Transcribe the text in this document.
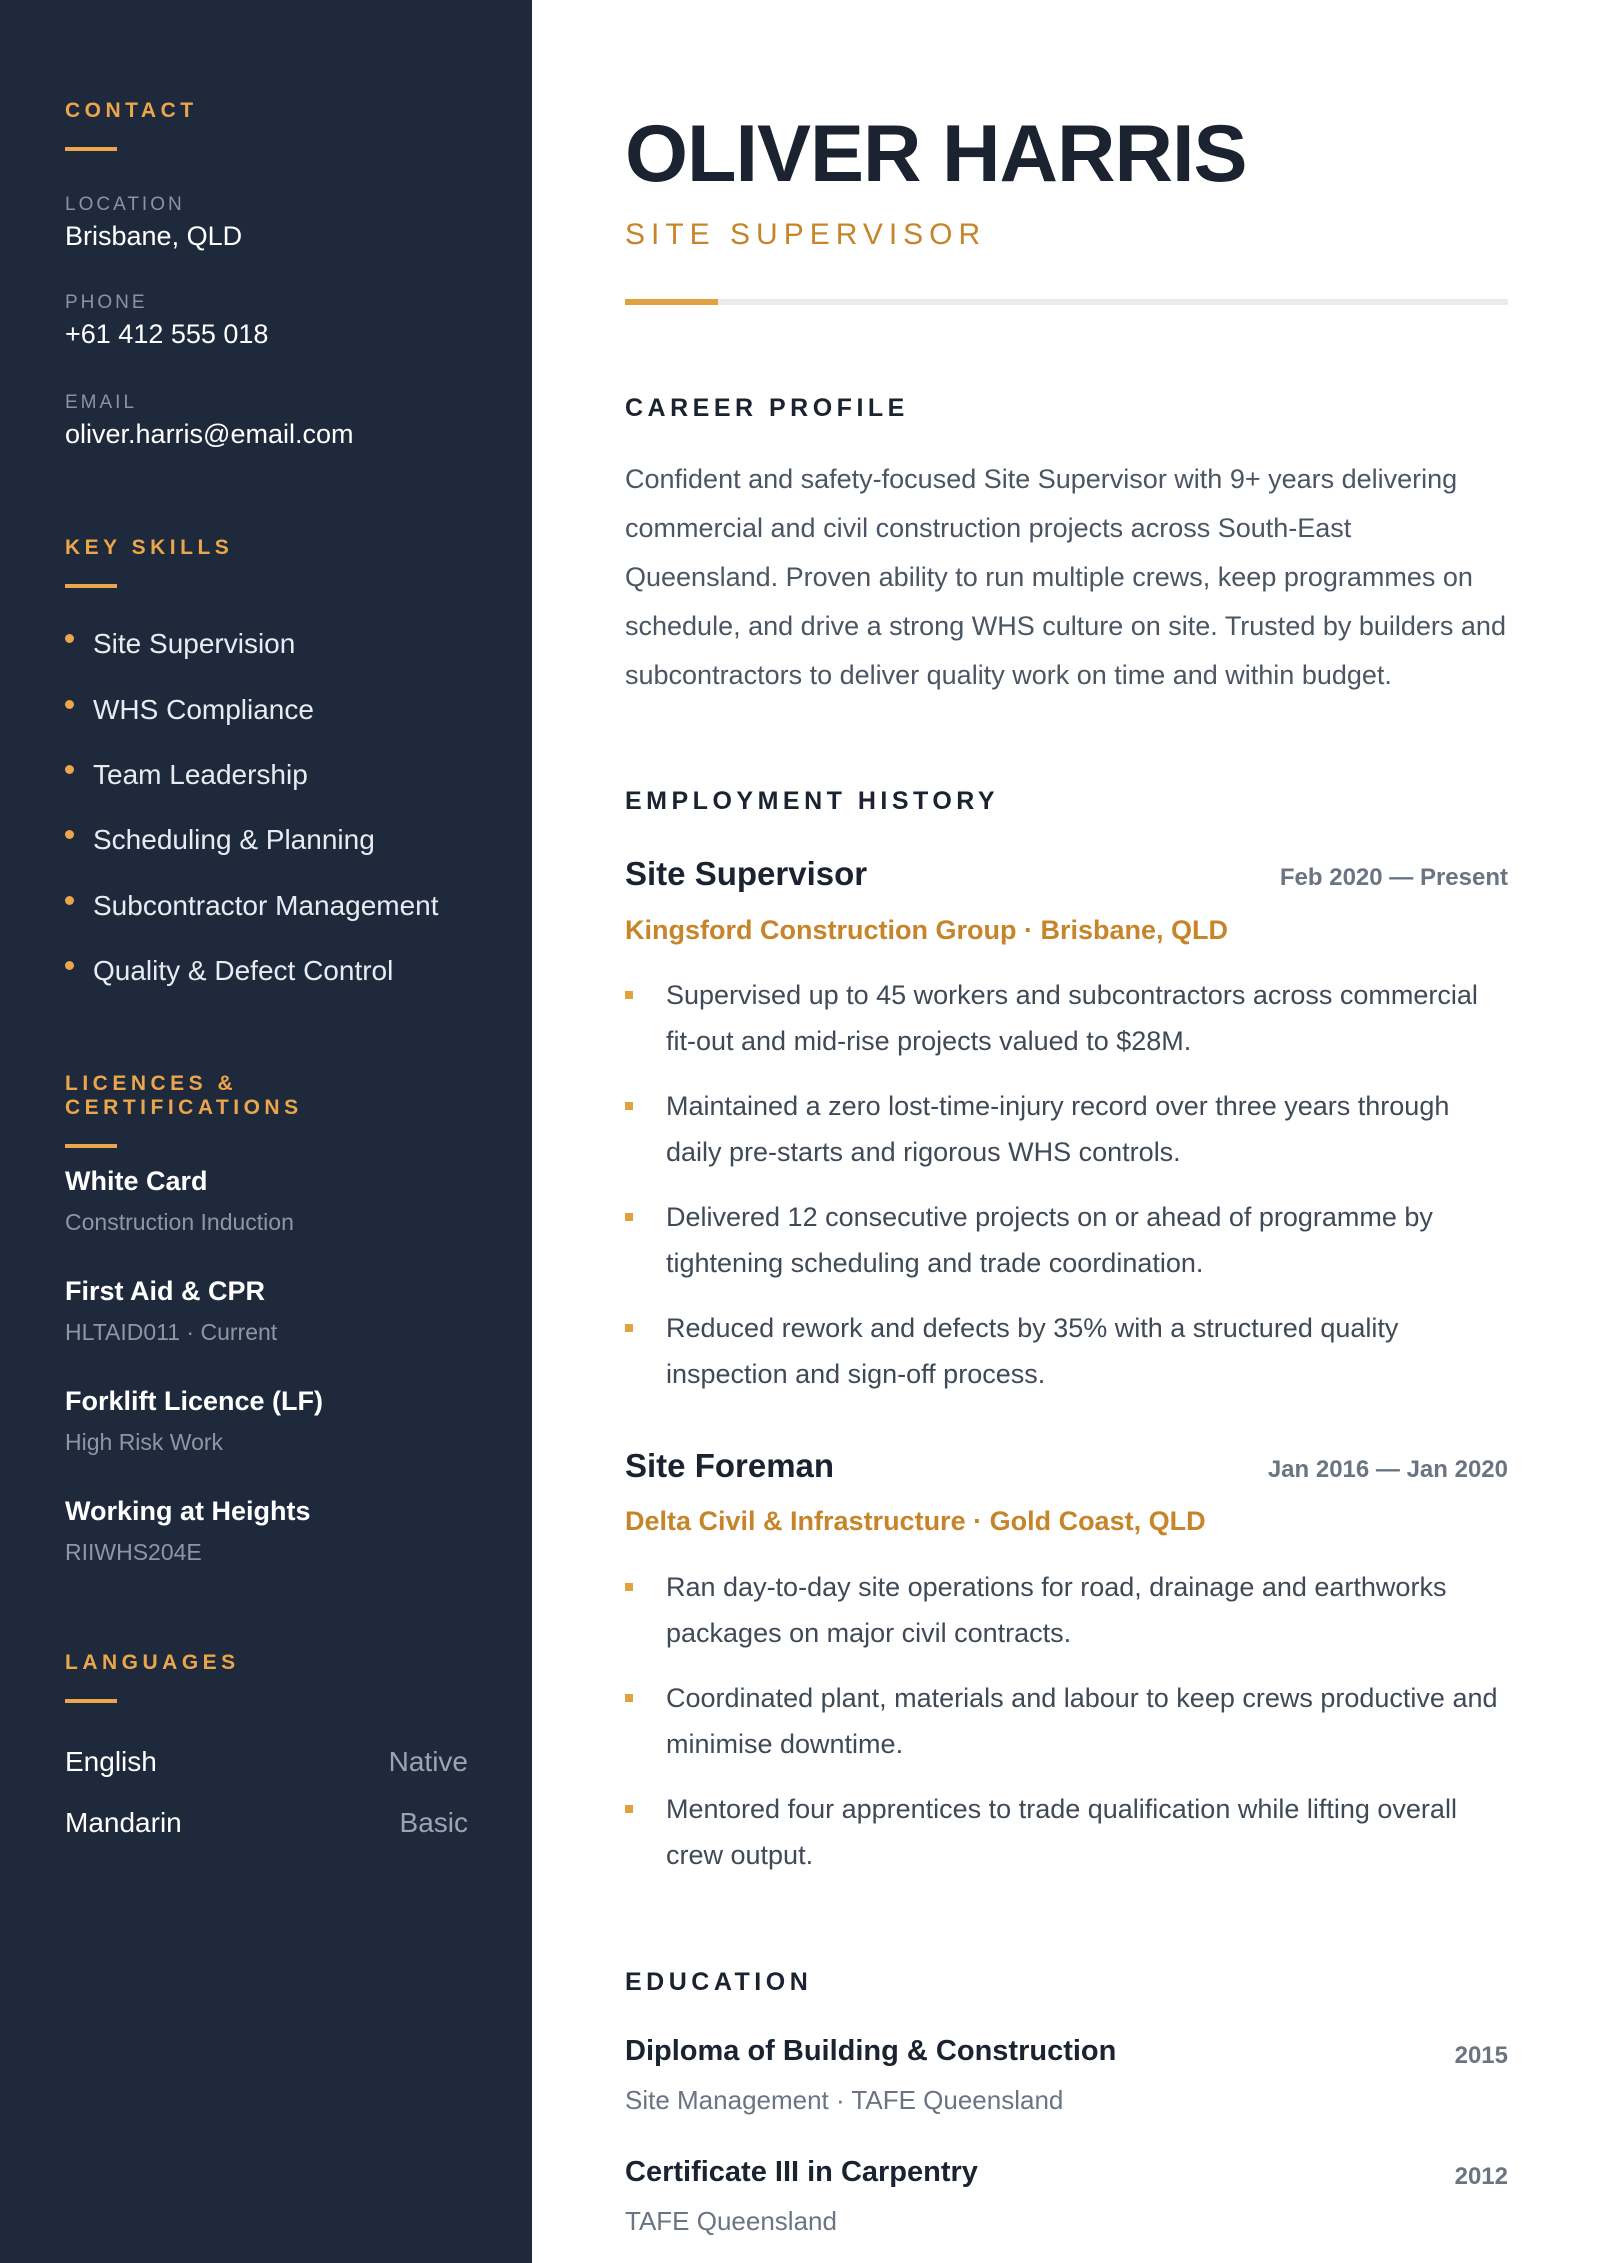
CONTACT
LOCATION
Brisbane, QLD
PHONE
+61 412 555 018
EMAIL
oliver.harris@email.com
KEY SKILLS
Site Supervision
WHS Compliance
Team Leadership
Scheduling & Planning
Subcontractor Management
Quality & Defect Control
LICENCES & CERTIFICATIONS
White Card
Construction Induction
First Aid & CPR
HLTAID011 · Current
Forklift Licence (LF)
High Risk Work
Working at Heights
RIIWHS204E
LANGUAGES
English	Native
Mandarin	Basic
OLIVER HARRIS
SITE SUPERVISOR
CAREER PROFILE

Confident and safety-focused Site Supervisor with 9+ years delivering commercial and civil construction projects across South-East Queensland. Proven ability to run multiple crews, keep programmes on schedule, and drive a strong WHS culture on site. Trusted by builders and subcontractors to deliver quality work on time and within budget.

EMPLOYMENT HISTORY
Site Supervisor	Feb 2020 — Present
Kingsford Construction Group · Brisbane, QLD
Supervised up to 45 workers and subcontractors across commercial fit-out and mid-rise projects valued to $28M.
Maintained a zero lost-time-injury record over three years through daily pre-starts and rigorous WHS controls.
Delivered 12 consecutive projects on or ahead of programme by tightening scheduling and trade coordination.
Reduced rework and defects by 35% with a structured quality inspection and sign-off process.
Site Foreman	Jan 2016 — Jan 2020
Delta Civil & Infrastructure · Gold Coast, QLD
Ran day-to-day site operations for road, drainage and earthworks packages on major civil contracts.
Coordinated plant, materials and labour to keep crews productive and minimise downtime.
Mentored four apprentices to trade qualification while lifting overall crew output.
EDUCATION
Diploma of Building & Construction	2015
Site Management · TAFE Queensland
Certificate III in Carpentry	2012
TAFE Queensland
